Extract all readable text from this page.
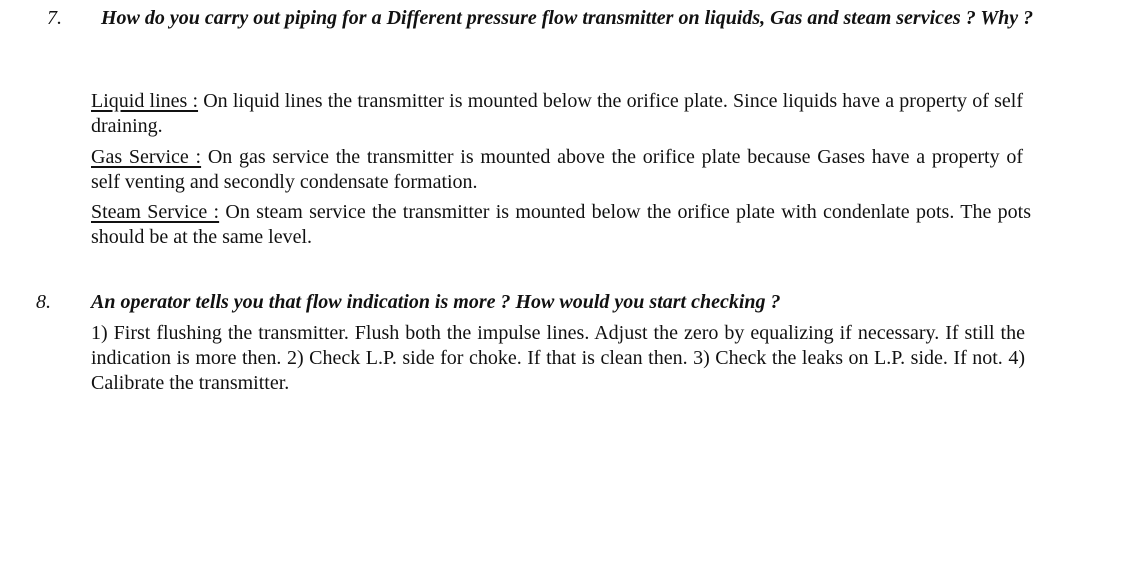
7. How do you carry out piping for a Different pressure flow transmitter on liquids, Gas and steam services ? Why ?
Liquid lines : On liquid lines the transmitter is mounted below the orifice plate. Since liquids have a property of self draining.
Gas Service : On gas service the transmitter is mounted above the orifice plate because Gases have a property of self venting and secondly condensate formation.
Steam Service : On steam service the transmitter is mounted below the orifice plate with condenlate pots. The pots should be at the same level.
8. An operator tells you that flow indication is more ? How would you start checking ?
1) First flushing the transmitter. Flush both the impulse lines. Adjust the zero by equalizing if necessary. If still the indication is more then. 2) Check L.P. side for choke. If that is clean then. 3) Check the leaks on L.P. side. If not. 4) Calibrate the transmitter.
